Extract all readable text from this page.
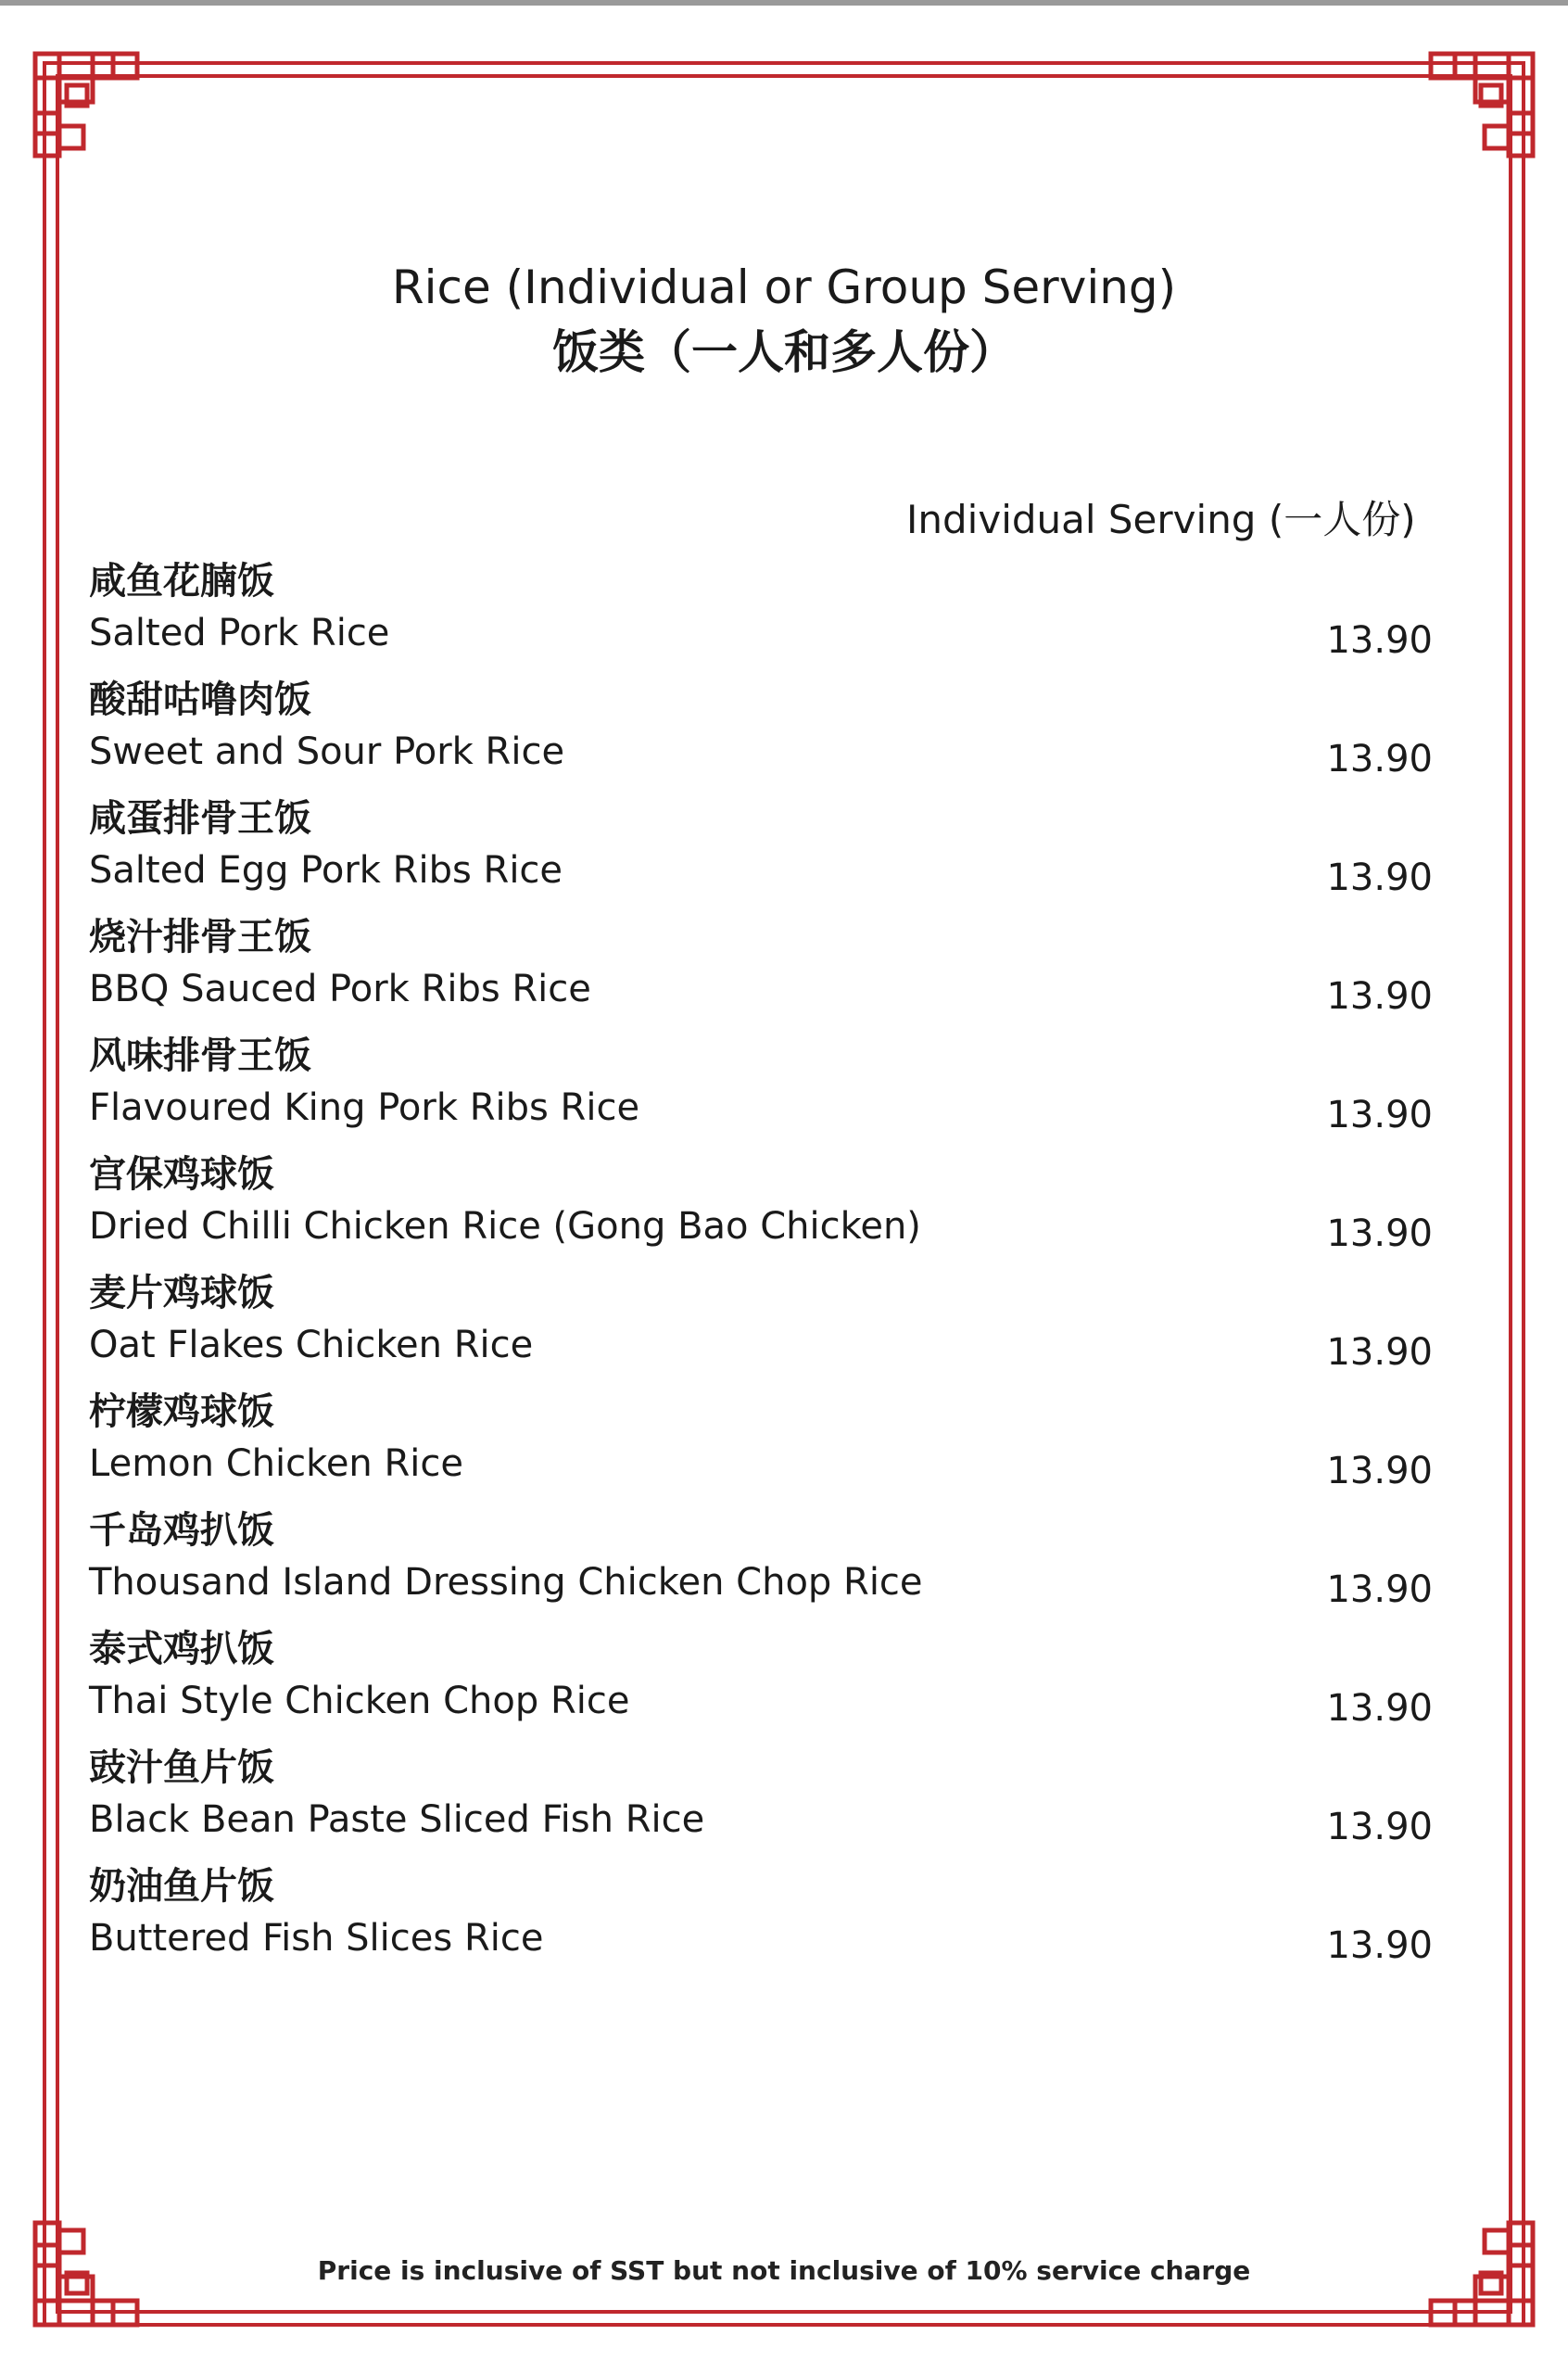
Rice (Individual or Group Serving)
饭类（一人和多人份）
Individual Serving (一人份)
咸鱼花腩饭
Salted Pork Rice	13.90
酸甜咕噜肉饭
Sweet and Sour Pork Rice	13.90
咸蛋排骨王饭
Salted Egg Pork Ribs Rice	13.90
烧汁排骨王饭
BBQ Sauced Pork Ribs Rice	13.90
风味排骨王饭
Flavoured King Pork Ribs Rice	13.90
宫保鸡球饭
Dried Chilli Chicken Rice (Gong Bao Chicken)	13.90
麦片鸡球饭
Oat Flakes Chicken Rice	13.90
柠檬鸡球饭
Lemon Chicken Rice	13.90
千岛鸡扒饭
Thousand Island Dressing Chicken Chop Rice	13.90
泰式鸡扒饭
Thai Style Chicken Chop Rice	13.90
豉汁鱼片饭
Black Bean Paste Sliced Fish Rice	13.90
奶油鱼片饭
Buttered Fish Slices Rice	13.90
Price is inclusive of SST but not inclusive of 10% service charge
